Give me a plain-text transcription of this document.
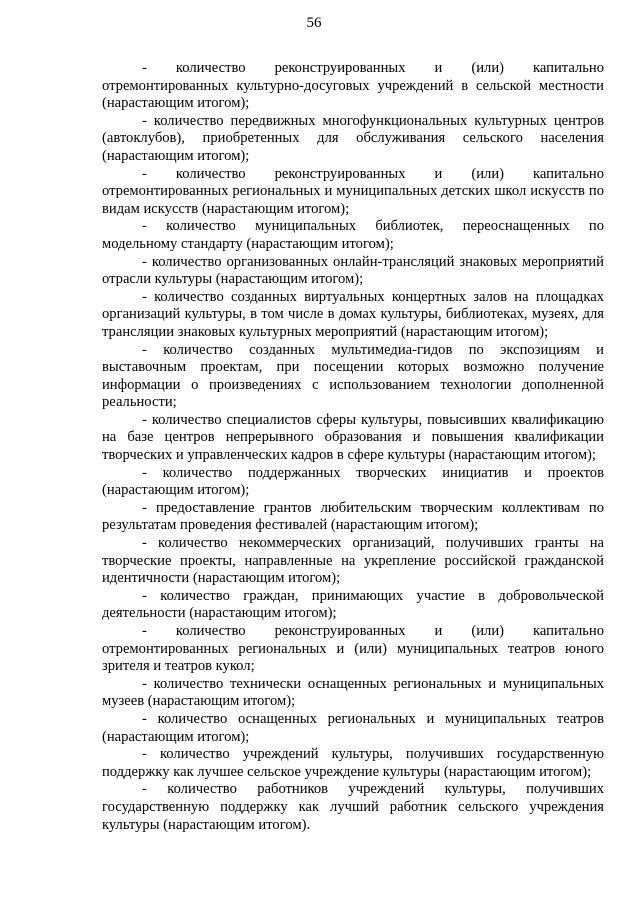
56

- количество реконструированных и (или) капитально отремонтированных культурно-досуговых учреждений в сельской местности (нарастающим итогом);

- количество передвижных многофункциональных культурных центров (автоклубов), приобретенных для обслуживания сельского населения (нарастающим итогом);

- количество реконструированных и (или) капитально отремонтированных региональных и муниципальных детских школ искусств по видам искусств (нарастающим итогом);

- количество муниципальных библиотек, переоснащенных по модельному стандарту (нарастающим итогом);

- количество организованных онлайн-трансляций знаковых мероприятий отрасли культуры (нарастающим итогом);

- количество созданных виртуальных концертных залов на площадках организаций культуры, в том числе в домах культуры, библиотеках, музеях, для трансляции знаковых культурных мероприятий (нарастающим итогом);

- количество созданных мультимедиа-гидов по экспозициям и выставочным проектам, при посещении которых возможно получение информации о произведениях с использованием технологии дополненной реальности;

- количество специалистов сферы культуры, повысивших квалификацию на базе центров непрерывного образования и повышения квалификации творческих и управленческих кадров в сфере культуры (нарастающим итогом);

- количество поддержанных творческих инициатив и проектов (нарастающим итогом);

- предоставление грантов любительским творческим коллективам по результатам проведения фестивалей (нарастающим итогом);

- количество некоммерческих организаций, получивших гранты на творческие проекты, направленные на укрепление российской гражданской идентичности (нарастающим итогом);

- количество граждан, принимающих участие в добровольческой деятельности (нарастающим итогом);

- количество реконструированных и (или) капитально отремонтированных региональных и (или) муниципальных театров юного зрителя и театров кукол;

- количество технически оснащенных региональных и муниципальных музеев (нарастающим итогом);

- количество оснащенных региональных и муниципальных театров (нарастающим итогом);

- количество учреждений культуры, получивших государственную поддержку как лучшее сельское учреждение культуры (нарастающим итогом);

- количество работников учреждений культуры, получивших государственную поддержку как лучший работник сельского учреждения культуры (нарастающим итогом).
